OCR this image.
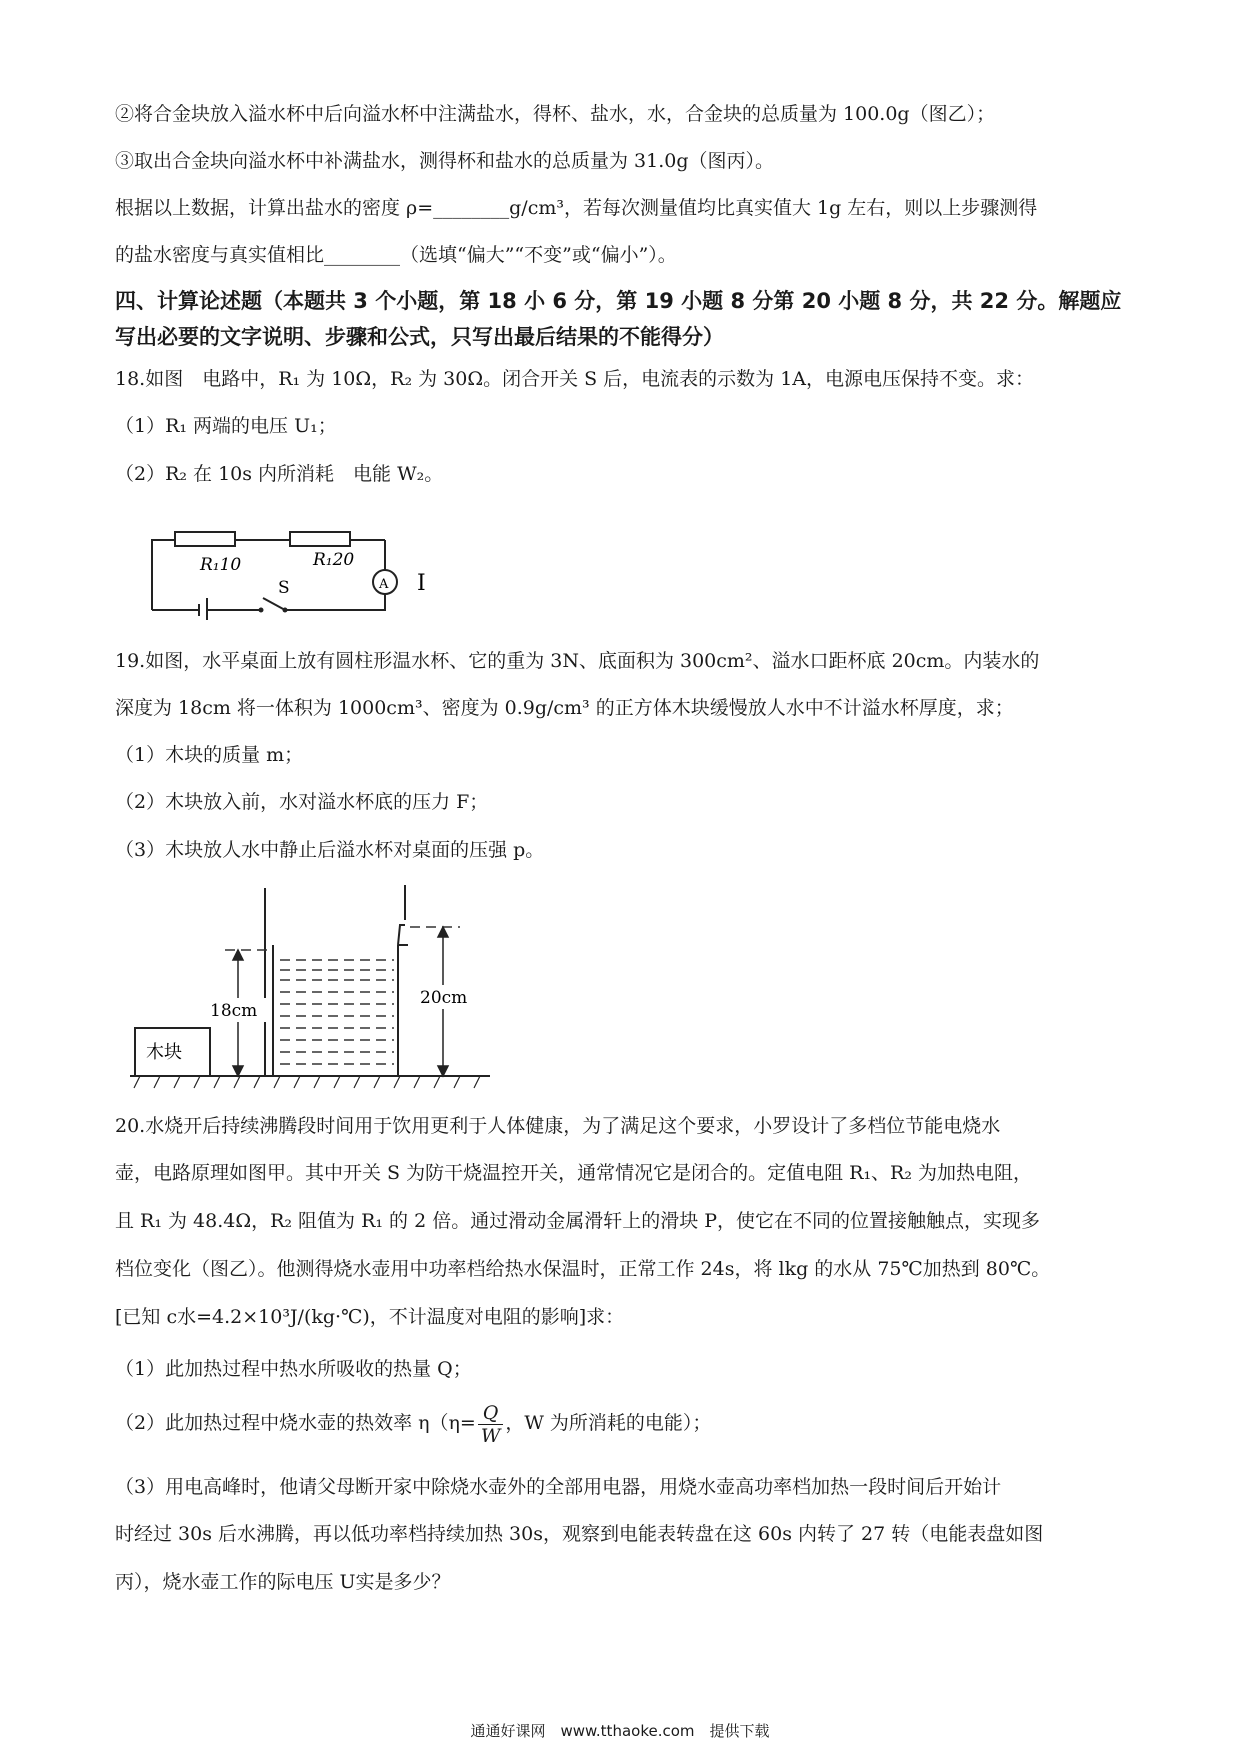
②将合金块放入溢水杯中后向溢水杯中注满盐水，得杯、盐水，水，合金块的总质量为 100.0g（图乙）；
③取出合金块向溢水杯中补满盐水，测得杯和盐水的总质量为 31.0g（图丙）。
根据以上数据，计算出盐水的密度 ρ=________g/cm³，若每次测量值均比真实值大 1g 左右，则以上步骤测得
的盐水密度与真实值相比________（选填“偏大”“不变”或“偏小”）。
四、计算论述题（本题共 3 个小题，第 18 小 6 分，第 19 小题 8 分第 20 小题 8 分，共 22 分。解题应写出必要的文字说明、步骤和公式，只写出最后结果的不能得分）
18.如图　电路中，R₁ 为 10Ω，R₂ 为 30Ω。闭合开关 S 后，电流表的示数为 1A，电源电压保持不变。求：
（1）R₁ 两端的电压 U₁；
（2）R₂ 在 10s 内所消耗　电能 W₂。
R₁10	R₁20
S	A I
19.如图，水平桌面上放有圆柱形温水杯、它的重为 3N、底面积为 300cm²、溢水口距杯底 20cm。内装水的
深度为 18cm 将一体积为 1000cm³、密度为 0.9g/cm³ 的正方体木块缓慢放人水中不计溢水杯厚度，求；
（1）木块的质量 m；
（2）木块放入前，水对溢水杯底的压力 F；
（3）木块放人水中静止后溢水杯对桌面的压强 p。
18cm
20cm
木块
20.水烧开后持续沸腾段时间用于饮用更利于人体健康，为了满足这个要求，小罗设计了多档位节能电烧水
壶，电路原理如图甲。其中开关 S 为防干烧温控开关，通常情况它是闭合的。定值电阻 R₁、R₂ 为加热电阻，
且 R₁ 为 48.4Ω，R₂ 阻值为 R₁ 的 2 倍。通过滑动金属滑轩上的滑块 P，使它在不同的位置接触触点，实现多
档位变化（图乙）。他测得烧水壶用中功率档给热水保温时，正常工作 24s，将 lkg 的水从 75℃加热到 80℃。
[已知 c水=4.2×10³J/(kg·℃)，不计温度对电阻的影响]求：
（1）此加热过程中热水所吸收的热量 Q；
（2）此加热过程中烧水壶的热效率 $\eta(\eta= \frac{Q}{W}$ ，W 为所消耗的电能）；
（3）用电高峰时，他请父母断开家中除烧水壶外的全部用电器，用烧水壶高功率档加热一段时间后开始计
时经过 30s 后水沸腾，再以低功率档持续加热 30s，观察到电能表转盘在这 60s 内转了 27 转（电能表盘如图
丙），烧水壶工作的际电压 U实是多少？
通通好课网　www.tthaoke.com　提供下载
